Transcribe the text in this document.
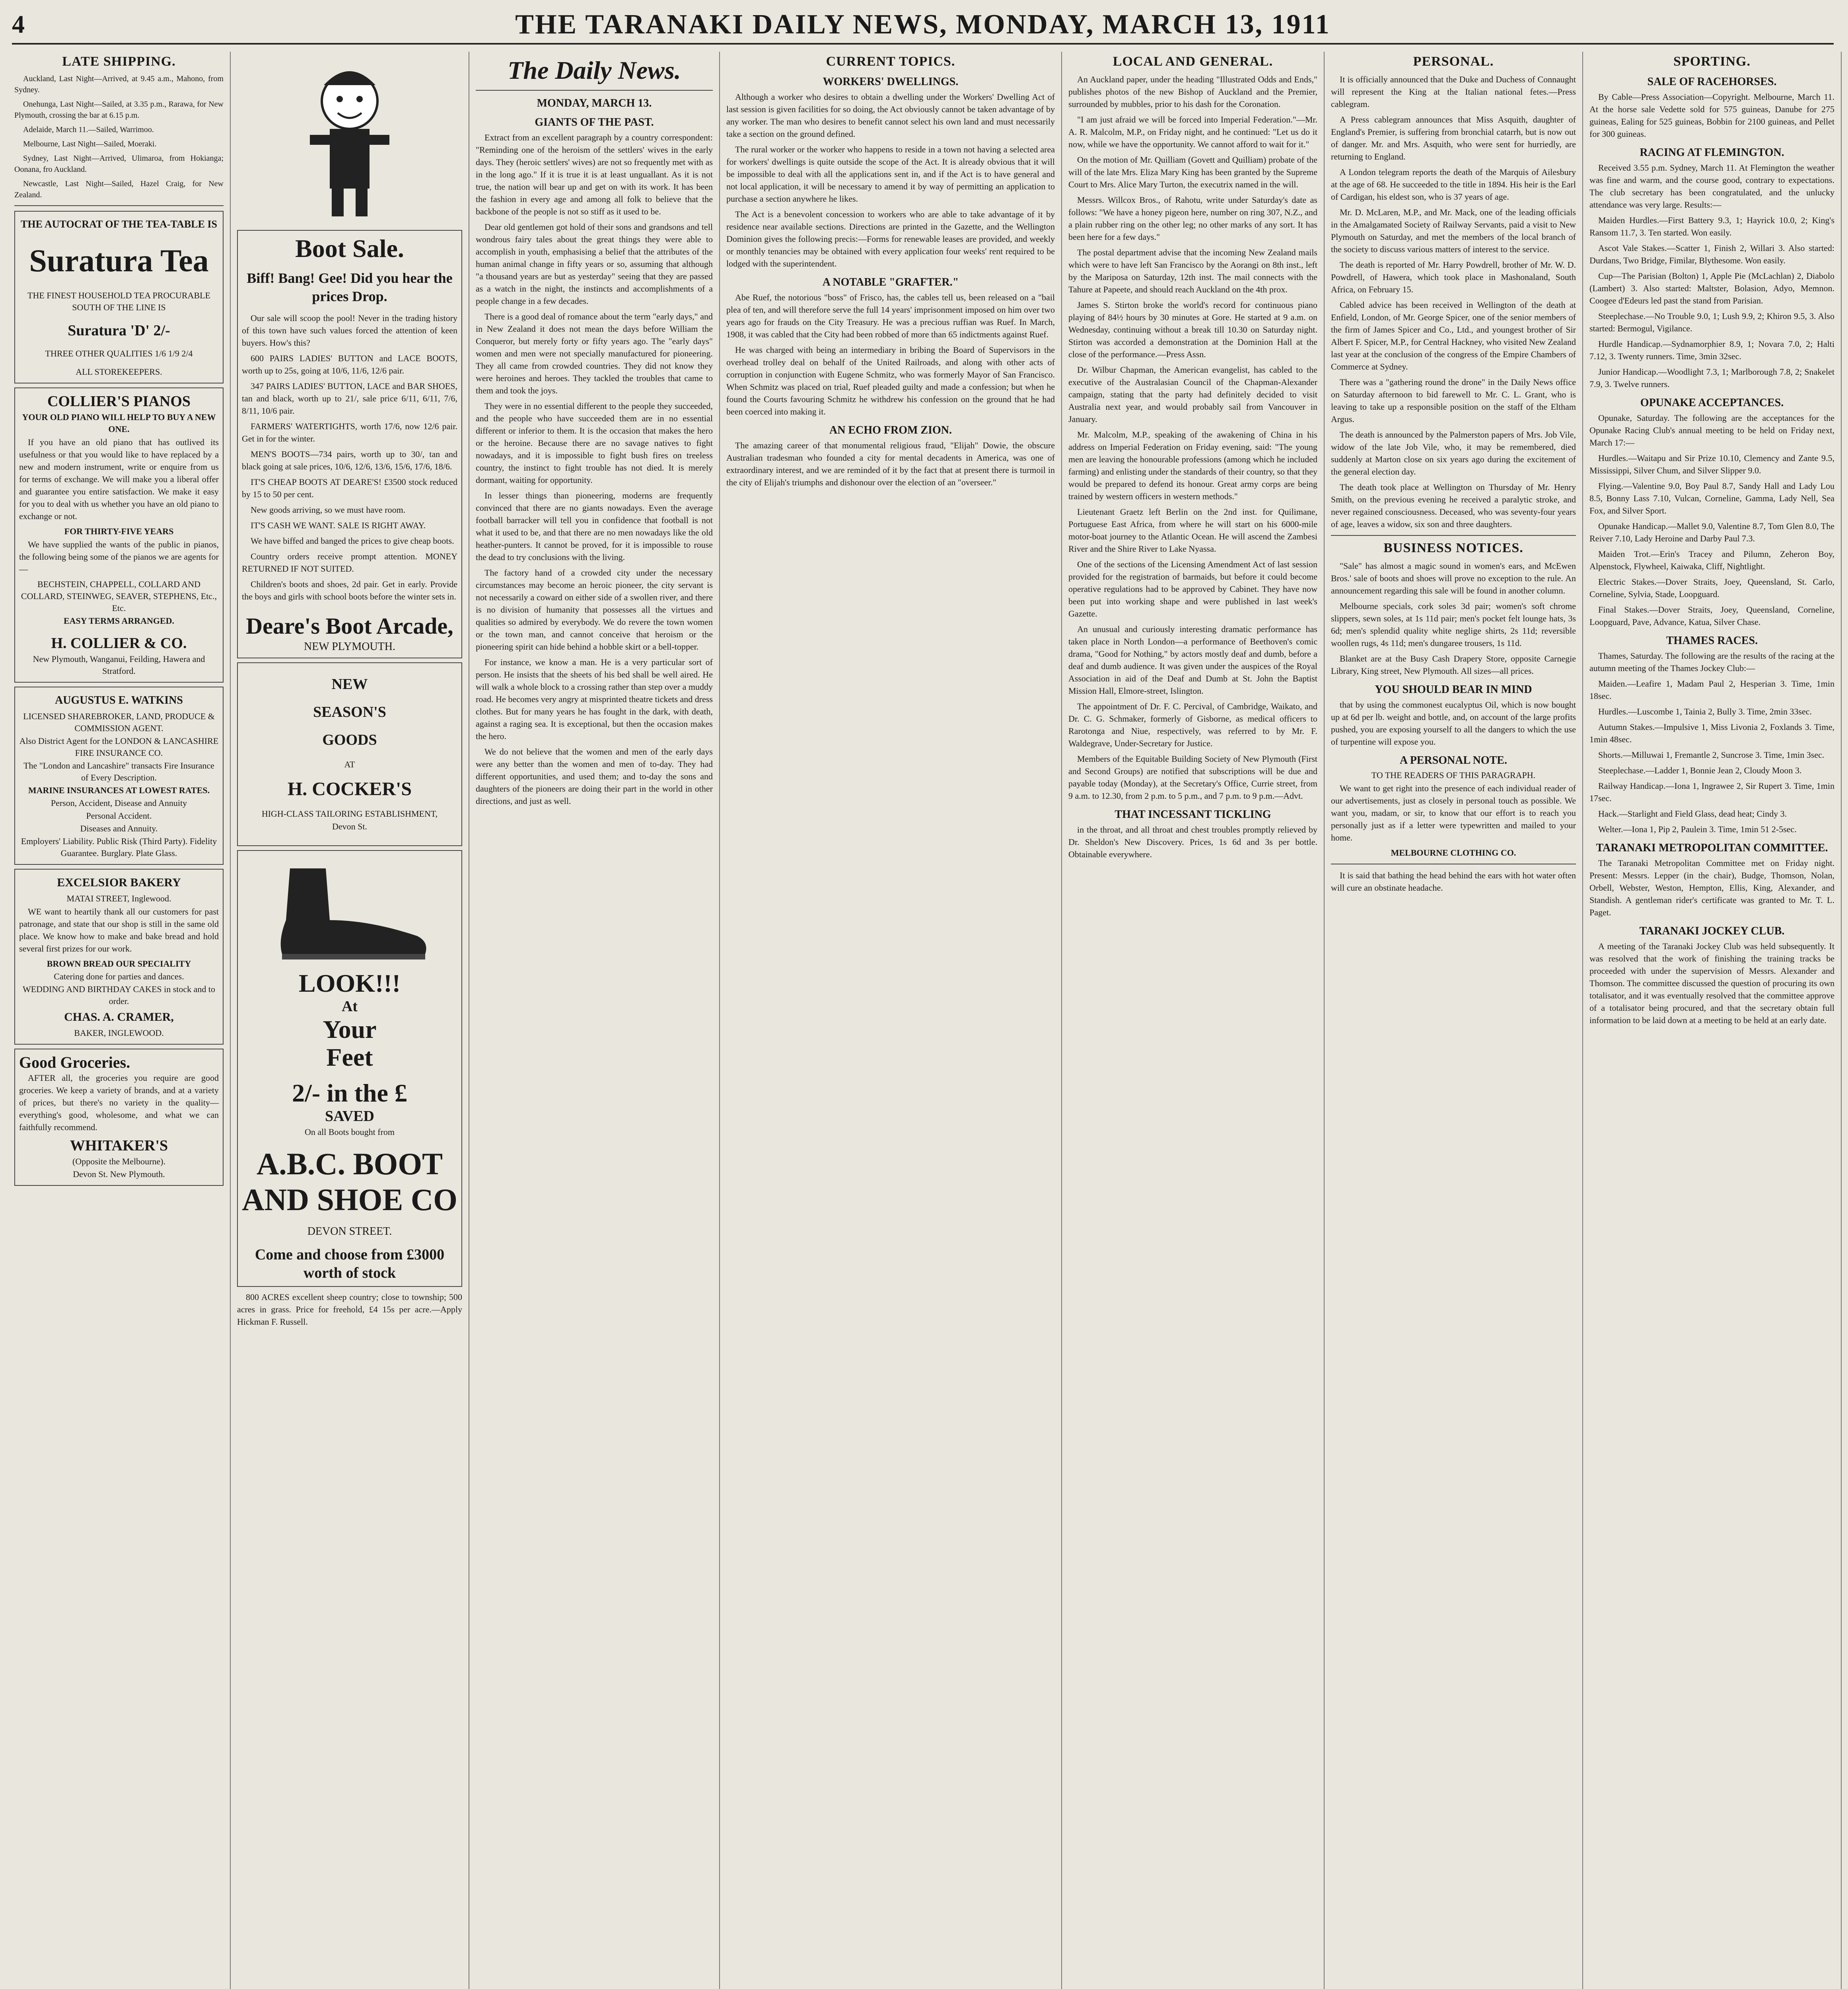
4	THE TARANAKI DAILY NEWS, MONDAY, MARCH 13, 1911
LATE SHIPPING.

Auckland, Last Night—Arrived, at 9.45 a.m., Mahono, from Sydney.

Onehunga, Last Night—Sailed, at 3.35 p.m., Rarawa, for New Plymouth, crossing the bar at 6.15 p.m.

Adelaide, March 11.—Sailed, Warrimoo.

Melbourne, Last Night—Sailed, Moeraki.

Sydney, Last Night—Arrived, Ulimaroa, from Hokianga; Oonana, fro Auckland.

Newcastle, Last Night—Sailed, Hazel Craig, for New Zealand.

THE AUTOCRAT OF THE TEA-TABLE IS
Suratura Tea
THE FINEST HOUSEHOLD TEA PROCURABLE SOUTH OF THE LINE IS
Suratura 'D' 2/-
THREE OTHER QUALITIES 1/6 1/9 2/4
ALL STOREKEEPERS.
COLLIER'S PIANOS
YOUR OLD PIANO WILL HELP TO BUY A NEW ONE.

If you have an old piano that has outlived its usefulness or that you would like to have replaced by a new and modern instrument, write or enquire from us for terms of exchange. We will make you a liberal offer and guarantee you entire satisfaction. We make it easy for you to deal with us whether you have an old piano to exchange or not.

FOR THIRTY-FIVE YEARS

We have supplied the wants of the public in pianos, the following being some of the pianos we are agents for—

BECHSTEIN, CHAPPELL, COLLARD AND COLLARD, STEINWEG, SEAVER, STEPHENS, Etc., Etc.
EASY TERMS ARRANGED.
H. COLLIER & CO.
New Plymouth, Wanganui, Feilding, Hawera and Stratford.
AUGUSTUS E. WATKINS
LICENSED SHAREBROKER, LAND, PRODUCE & COMMISSION AGENT.
Also District Agent for the LONDON & LANCASHIRE FIRE INSURANCE CO.
The "London and Lancashire" transacts Fire Insurance of Every Description.
MARINE INSURANCES AT LOWEST RATES.
Person, Accident, Disease and Annuity
Personal Accident.
Diseases and Annuity.
Employers' Liability. Public Risk (Third Party). Fidelity Guarantee. Burglary. Plate Glass.
EXCELSIOR BAKERY
MATAI STREET, Inglewood.

WE want to heartily thank all our customers for past patronage, and state that our shop is still in the same old place. We know how to make and bake bread and hold several first prizes for our work.

BROWN BREAD OUR SPECIALITY
Catering done for parties and dances.
WEDDING AND BIRTHDAY CAKES in stock and to order.
CHAS. A. CRAMER,
BAKER, INGLEWOOD.
Good Groceries.

AFTER all, the groceries you require are good groceries. We keep a variety of brands, and at a variety of prices, but there's no variety in the quality—everything's good, wholesome, and what we can faithfully recommend.

WHITAKER'S
(Opposite the Melbourne).
Devon St. New Plymouth.
Boot Sale.
Biff! Bang! Gee! Did you hear the prices Drop.

Our sale will scoop the pool! Never in the trading history of this town have such values forced the attention of keen buyers. How's this?

600 PAIRS LADIES' BUTTON and LACE BOOTS, worth up to 25s, going at 10/6, 11/6, 12/6 pair.

347 PAIRS LADIES' BUTTON, LACE and BAR SHOES, tan and black, worth up to 21/, sale price 6/11, 6/11, 7/6, 8/11, 10/6 pair.

FARMERS' WATERTIGHTS, worth 17/6, now 12/6 pair. Get in for the winter.

MEN'S BOOTS—734 pairs, worth up to 30/, tan and black going at sale prices, 10/6, 12/6, 13/6, 15/6, 17/6, 18/6.

IT'S CHEAP BOOTS AT DEARE'S! £3500 stock reduced by 15 to 50 per cent.

New goods arriving, so we must have room.

IT'S CASH WE WANT. SALE IS RIGHT AWAY.

We have biffed and banged the prices to give cheap boots.

Country orders receive prompt attention. MONEY RETURNED IF NOT SUITED.

Children's boots and shoes, 2d pair. Get in early. Provide the boys and girls with school boots before the winter sets in.

Deare's Boot Arcade,
NEW PLYMOUTH.
NEW
SEASON'S
GOODS
AT
H. COCKER'S
HIGH-CLASS TAILORING ESTABLISHMENT,
Devon St.
LOOK!!!
At
Your
Feet
2/- in the £
SAVED
On all Boots bought from
A.B.C. BOOT AND SHOE CO
DEVON STREET.
Come and choose from £3000 worth of stock

800 ACRES excellent sheep country; close to township; 500 acres in grass. Price for freehold, £4 15s per acre.—Apply Hickman F. Russell.

The Daily News.
MONDAY, MARCH 13.
GIANTS OF THE PAST.

Extract from an excellent paragraph by a country correspondent: "Reminding one of the heroism of the settlers' wives in the early days. They (heroic settlers' wives) are not so frequently met with as in the long ago." If it is true it is at least unguallant. As it is not true, the nation will bear up and get on with its work. It has been the fashion in every age and among all folk to believe that the backbone of the people is not so stiff as it used to be.

Dear old gentlemen got hold of their sons and grandsons and tell wondrous fairy tales about the great things they were able to accomplish in youth, emphasising a belief that the attributes of the human animal change in fifty years or so, assuming that although "a thousand years are but as yesterday" seeing that they are passed as a watch in the night, the instincts and accomplishments of a people change in a few decades.

There is a good deal of romance about the term "early days," and in New Zealand it does not mean the days before William the Conqueror, but merely forty or fifty years ago. The "early days" women and men were not specially manufactured for pioneering. They all came from crowded countries. They did not know they were heroines and heroes. They tackled the troubles that came to them and took the joys.

They were in no essential different to the people they succeeded, and the people who have succeeded them are in no essential different or inferior to them. It is the occasion that makes the hero or the heroine. Because there are no savage natives to fight nowadays, and it is impossible to fight bush fires on treeless country, the instinct to fight trouble has not died. It is merely dormant, waiting for opportunity.

In lesser things than pioneering, moderns are frequently convinced that there are no giants nowadays. Even the average football barracker will tell you in confidence that football is not what it used to be, and that there are no men nowadays like the old heather-punters. It cannot be proved, for it is impossible to rouse the dead to try conclusions with the living.

The factory hand of a crowded city under the necessary circumstances may become an heroic pioneer, the city servant is not necessarily a coward on either side of a swollen river, and there is no division of humanity that possesses all the virtues and qualities so admired by everybody. We do revere the town women or the town man, and cannot conceive that heroism or the pioneering spirit can hide behind a hobble skirt or a bell-topper.

For instance, we know a man. He is a very particular sort of person. He insists that the sheets of his bed shall be well aired. He will walk a whole block to a crossing rather than step over a muddy road. He becomes very angry at misprinted theatre tickets and dress clothes. But for many years he has fought in the dark, with death, against a raging sea. It is exceptional, but then the occasion makes the hero.

We do not believe that the women and men of the early days were any better than the women and men of to-day. They had different opportunities, and used them; and to-day the sons and daughters of the pioneers are doing their part in the world in other directions, and just as well.

CURRENT TOPICS.
WORKERS' DWELLINGS.

Although a worker who desires to obtain a dwelling under the Workers' Dwelling Act of last session is given facilities for so doing, the Act obviously cannot be taken advantage of by any worker. The man who desires to benefit cannot select his own land and must necessarily take a section on the ground defined.

The rural worker or the worker who happens to reside in a town not having a selected area for workers' dwellings is quite outside the scope of the Act. It is already obvious that it will be impossible to deal with all the applications sent in, and if the Act is to have general and not local application, it will be necessary to amend it by way of permitting an application to purchase a section anywhere he likes.

The Act is a benevolent concession to workers who are able to take advantage of it by residence near available sections. Directions are printed in the Gazette, and the Wellington Dominion gives the following precis:—Forms for renewable leases are provided, and weekly or monthly tenancies may be obtained with every application four weeks' rent required to be lodged with the superintendent.

A NOTABLE "GRAFTER."

Abe Ruef, the notorious "boss" of Frisco, has, the cables tell us, been released on a "bail plea of ten, and will therefore serve the full 14 years' imprisonment imposed on him over two years ago for frauds on the City Treasury. He was a precious ruffian was Ruef. In March, 1908, it was cabled that the City had been robbed of more than 65 indictments against Ruef.

He was charged with being an intermediary in bribing the Board of Supervisors in the overhead trolley deal on behalf of the United Railroads, and along with other acts of corruption in conjunction with Eugene Schmitz, who was formerly Mayor of San Francisco. When Schmitz was placed on trial, Ruef pleaded guilty and made a confession; but when he found the Courts favouring Schmitz he withdrew his confession on the ground that he had been coerced into making it.

AN ECHO FROM ZION.

The amazing career of that monumental religious fraud, "Elijah" Dowie, the obscure Australian tradesman who founded a city for mental decadents in America, was one of extraordinary interest, and we are reminded of it by the fact that at present there is turmoil in the city of Elijah's triumphs and dishonour over the election of an "overseer."

LOCAL AND GENERAL.

An Auckland paper, under the heading "Illustrated Odds and Ends," publishes photos of the new Bishop of Auckland and the Premier, surrounded by mubbles, prior to his dash for the Coronation.

"I am just afraid we will be forced into Imperial Federation."—Mr. A. R. Malcolm, M.P., on Friday night, and he continued: "Let us do it now, while we have the opportunity. We cannot afford to wait for it."

On the motion of Mr. Quilliam (Govett and Quilliam) probate of the will of the late Mrs. Eliza Mary King has been granted by the Supreme Court to Mrs. Alice Mary Turton, the executrix named in the will.

Messrs. Willcox Bros., of Rahotu, write under Saturday's date as follows: "We have a honey pigeon here, number on ring 307, N.Z., and a plain rubber ring on the other leg; no other marks of any sort. It has been here for a few days."

The postal department advise that the incoming New Zealand mails which were to have left San Francisco by the Aorangi on 8th inst., left by the Mariposa on Saturday, 12th inst. The mail connects with the Tahure at Papeete, and should reach Auckland on the 4th prox.

James S. Stirton broke the world's record for continuous piano playing of 84½ hours by 30 minutes at Gore. He started at 9 a.m. on Wednesday, continuing without a break till 10.30 on Saturday night. Stirton was accorded a demonstration at the Dominion Hall at the close of the performance.—Press Assn.

Dr. Wilbur Chapman, the American evangelist, has cabled to the executive of the Australasian Council of the Chapman-Alexander campaign, stating that the party had definitely decided to visit Australia next year, and would probably sail from Vancouver in January.

Mr. Malcolm, M.P., speaking of the awakening of China in his address on Imperial Federation on Friday evening, said: "The young men are leaving the honourable professions (among which he included farming) and enlisting under the standards of their country, so that they would be prepared to defend its honour. Great army corps are being trained by western officers in western methods."

Lieutenant Graetz left Berlin on the 2nd inst. for Quilimane, Portuguese East Africa, from where he will start on his 6000-mile motor-boat journey to the Atlantic Ocean. He will ascend the Zambesi River and the Shire River to Lake Nyassa.

One of the sections of the Licensing Amendment Act of last session provided for the registration of barmaids, but before it could become operative regulations had to be approved by Cabinet. They have now been put into working shape and were published in last week's Gazette.

An unusual and curiously interesting dramatic performance has taken place in North London—a performance of Beethoven's comic drama, "Good for Nothing," by actors mostly deaf and dumb, before a deaf and dumb audience. It was given under the auspices of the Royal Association in aid of the Deaf and Dumb at St. John the Baptist Mission Hall, Elmore-street, Islington.

The appointment of Dr. F. C. Percival, of Cambridge, Waikato, and Dr. C. G. Schmaker, formerly of Gisborne, as medical officers to Rarotonga and Niue, respectively, was referred to by Mr. F. Waldegrave, Under-Secretary for Justice.

Members of the Equitable Building Society of New Plymouth (First and Second Groups) are notified that subscriptions will be due and payable today (Monday), at the Secretary's Office, Currie street, from 9 a.m. to 12.30, from 2 p.m. to 5 p.m., and 7 p.m. to 9 p.m.—Advt.

THAT INCESSANT TICKLING

in the throat, and all throat and chest troubles promptly relieved by Dr. Sheldon's New Discovery. Prices, 1s 6d and 3s per bottle. Obtainable everywhere.

PERSONAL.

It is officially announced that the Duke and Duchess of Connaught will represent the King at the Italian national fetes.—Press cablegram.

A Press cablegram announces that Miss Asquith, daughter of England's Premier, is suffering from bronchial catarrh, but is now out of danger. Mr. and Mrs. Asquith, who were sent for hurriedly, are returning to England.

A London telegram reports the death of the Marquis of Ailesbury at the age of 68. He succeeded to the title in 1894. His heir is the Earl of Cardigan, his eldest son, who is 37 years of age.

Mr. D. McLaren, M.P., and Mr. Mack, one of the leading officials in the Amalgamated Society of Railway Servants, paid a visit to New Plymouth on Saturday, and met the members of the local branch of the society to discuss various matters of interest to the service.

The death is reported of Mr. Harry Powdrell, brother of Mr. W. D. Powdrell, of Hawera, which took place in Mashonaland, South Africa, on February 15.

Cabled advice has been received in Wellington of the death at Enfield, London, of Mr. George Spicer, one of the senior members of the firm of James Spicer and Co., Ltd., and youngest brother of Sir Albert F. Spicer, M.P., for Central Hackney, who visited New Zealand last year at the conclusion of the congress of the Empire Chambers of Commerce at Sydney.

There was a "gathering round the drone" in the Daily News office on Saturday afternoon to bid farewell to Mr. C. L. Grant, who is leaving to take up a responsible position on the staff of the Eltham Argus.

The death is announced by the Palmerston papers of Mrs. Job Vile, widow of the late Job Vile, who, it may be remembered, died suddenly at Marton close on six years ago during the excitement of the general election day.

The death took place at Wellington on Thursday of Mr. Henry Smith, on the previous evening he received a paralytic stroke, and never regained consciousness. Deceased, who was seventy-four years of age, leaves a widow, six son and three daughters.

BUSINESS NOTICES.

"Sale" has almost a magic sound in women's ears, and McEwen Bros.' sale of boots and shoes will prove no exception to the rule. An announcement regarding this sale will be found in another column.

Melbourne specials, cork soles 3d pair; women's soft chrome slippers, sewn soles, at 1s 11d pair; men's pocket felt lounge hats, 3s 6d; men's splendid quality white neglige shirts, 2s 11d; reversible woollen rugs, 4s 11d; men's dungaree trousers, 1s 11d.

Blanket are at the Busy Cash Drapery Store, opposite Carnegie Library, King street, New Plymouth. All sizes—all prices.

YOU SHOULD BEAR IN MIND

that by using the commonest eucalyptus Oil, which is now bought up at 6d per lb. weight and bottle, and, on account of the large profits pushed, you are exposing yourself to all the dangers to which the use of turpentine will expose you.

A PERSONAL NOTE.
TO THE READERS OF THIS PARAGRAPH.

We want to get right into the presence of each individual reader of our advertisements, just as closely in personal touch as possible. We want you, madam, or sir, to know that our effort is to reach you personally just as if a letter were typewritten and mailed to your home.

MELBOURNE CLOTHING CO.

It is said that bathing the head behind the ears with hot water often will cure an obstinate headache.

SPORTING.
SALE OF RACEHORSES.

By Cable—Press Association—Copyright. Melbourne, March 11. At the horse sale Vedette sold for 575 guineas, Danube for 275 guineas, Ealing for 525 guineas, Bobbin for 2100 guineas, and Pellet for 300 guineas.

RACING AT FLEMINGTON.

Received 3.55 p.m. Sydney, March 11. At Flemington the weather was fine and warm, and the course good, contrary to expectations. The club secretary has been congratulated, and the unlucky attendance was very large. Results:—

Maiden Hurdles.—First Battery 9.3, 1; Hayrick 10.0, 2; King's Ransom 11.7, 3. Ten started. Won easily.

Ascot Vale Stakes.—Scatter 1, Finish 2, Willari 3. Also started: Durdans, Two Bridge, Fimilar, Blythesome. Won easily.

Cup—The Parisian (Bolton) 1, Apple Pie (McLachlan) 2, Diabolo (Lambert) 3. Also started: Maltster, Bolasion, Adyo, Memnon. Coogee d'Edeurs led past the stand from Parisian.

Steeplechase.—No Trouble 9.0, 1; Lush 9.9, 2; Khiron 9.5, 3. Also started: Bermogul, Vigilance.

Hurdle Handicap.—Sydnamorphier 8.9, 1; Novara 7.0, 2; Halti 7.12, 3. Twenty runners. Time, 3min 32sec.

Junior Handicap.—Woodlight 7.3, 1; Marlborough 7.8, 2; Snakelet 7.9, 3. Twelve runners.

OPUNAKE ACCEPTANCES.

Opunake, Saturday. The following are the acceptances for the Opunake Racing Club's annual meeting to be held on Friday next, March 17:—

Hurdles.—Waitapu and Sir Prize 10.10, Clemency and Zante 9.5, Mississippi, Silver Chum, and Silver Slipper 9.0.

Flying.—Valentine 9.0, Boy Paul 8.7, Sandy Hall and Lady Lou 8.5, Bonny Lass 7.10, Vulcan, Corneline, Gamma, Lady Nell, Sea Fox, and Silver Sport.

Opunake Handicap.—Mallet 9.0, Valentine 8.7, Tom Glen 8.0, The Reiver 7.10, Lady Heroine and Darby Paul 7.3.

Maiden Trot.—Erin's Tracey and Pilumn, Zeheron Boy, Alpenstock, Flywheel, Kaiwaka, Cliff, Nightlight.

Electric Stakes.—Dover Straits, Joey, Queensland, St. Carlo, Corneline, Sylvia, Stade, Loopguard.

Final Stakes.—Dover Straits, Joey, Queensland, Corneline, Loopguard, Pave, Advance, Katua, Silver Chase.

THAMES RACES.

Thames, Saturday. The following are the results of the racing at the autumn meeting of the Thames Jockey Club:—

Maiden.—Leafire 1, Madam Paul 2, Hesperian 3. Time, 1min 18sec.

Hurdles.—Luscombe 1, Tainia 2, Bully 3. Time, 2min 33sec.

Autumn Stakes.—Impulsive 1, Miss Livonia 2, Foxlands 3. Time, 1min 48sec.

Shorts.—Milluwai 1, Fremantle 2, Suncrose 3. Time, 1min 3sec.

Steeplechase.—Ladder 1, Bonnie Jean 2, Cloudy Moon 3.

Railway Handicap.—Iona 1, Ingrawee 2, Sir Rupert 3. Time, 1min 17sec.

Hack.—Starlight and Field Glass, dead heat; Cindy 3.

Welter.—Iona 1, Pip 2, Paulein 3. Time, 1min 51 2-5sec.

TARANAKI METROPOLITAN COMMITTEE.

The Taranaki Metropolitan Committee met on Friday night. Present: Messrs. Lepper (in the chair), Budge, Thomson, Nolan, Orbell, Webster, Weston, Hempton, Ellis, King, Alexander, and Standish. A gentleman rider's certificate was granted to Mr. T. L. Paget.

TARANAKI JOCKEY CLUB.

A meeting of the Taranaki Jockey Club was held subsequently. It was resolved that the work of finishing the training tracks be proceeded with under the supervision of Messrs. Alexander and Thomson. The committee discussed the question of procuring its own totalisator, and it was eventually resolved that the committee approve of a totalisator being procured, and that the secretary obtain full information to be laid down at a meeting to be held at an early date.
